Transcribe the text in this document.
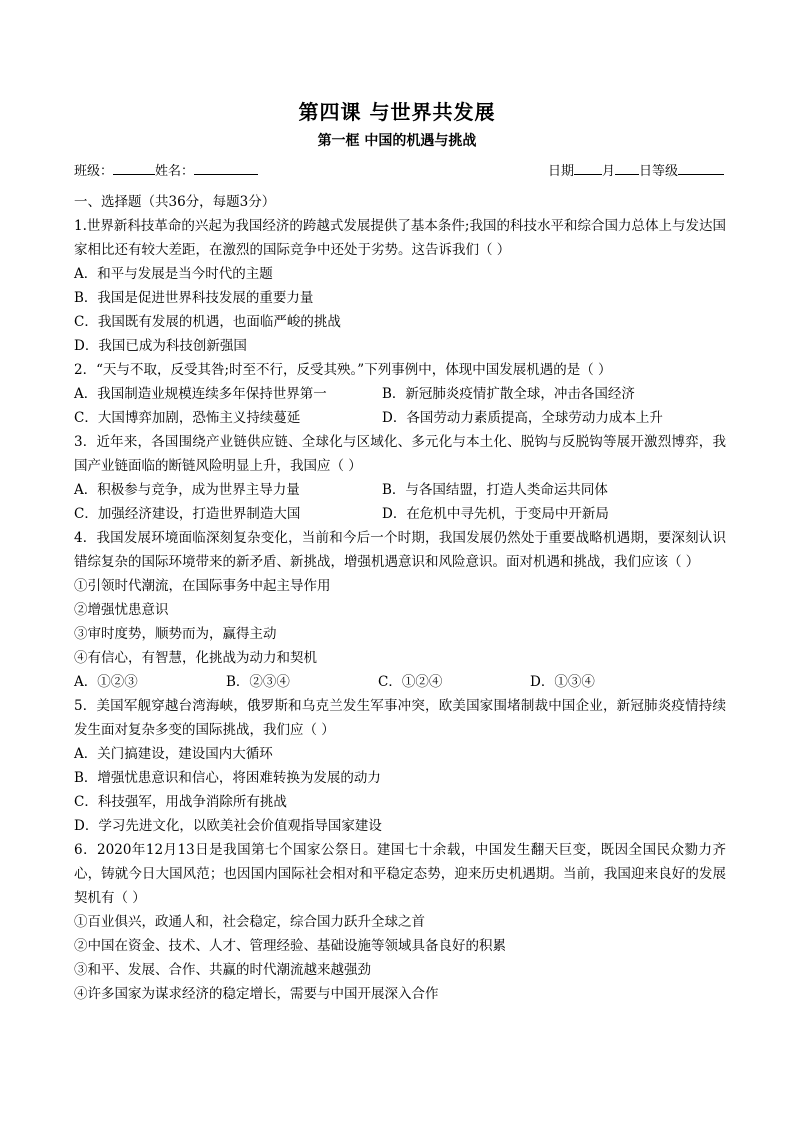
第四课 与世界共发展
第一框 中国的机遇与挑战
班级：	姓名：	日期 月 日等级
一、选择题（共36分，每题3分）
1.世界新科技革命的兴起为我国经济的跨越式发展提供了基本条件;我国的科技水平和综合国力总体上与发达国家相比还有较大差距，在激烈的国际竞争中还处于劣势。这告诉我们（ ）
A．和平与发展是当今时代的主题
B．我国是促进世界科技发展的重要力量
C．我国既有发展的机遇，也面临严峻的挑战
D．我国已成为科技创新强国
2．“天与不取，反受其咎;时至不行，反受其殃。”下列事例中，体现中国发展机遇的是（ ）
A．我国制造业规模连续多年保持世界第一	B．新冠肺炎疫情扩散全球，冲击各国经济
C．大国博弈加剧，恐怖主义持续蔓延	D．各国劳动力素质提高，全球劳动力成本上升
3．近年来，各国围绕产业链供应链、全球化与区域化、多元化与本土化、脱钩与反脱钩等展开激烈博弈，我国产业链面临的断链风险明显上升，我国应（ ）
A．积极参与竞争，成为世界主导力量	B．与各国结盟，打造人类命运共同体
C．加强经济建设，打造世界制造大国	D．在危机中寻先机，于变局中开新局
4．我国发展环境面临深刻复杂变化，当前和今后一个时期，我国发展仍然处于重要战略机遇期，要深刻认识错综复杂的国际环境带来的新矛盾、新挑战，增强机遇意识和风险意识。面对机遇和挑战，我们应该（ ）
①引领时代潮流，在国际事务中起主导作用
②增强忧患意识
③审时度势，顺势而为，赢得主动
④有信心，有智慧，化挑战为动力和契机
A．①②③	B．②③④	C．①②④	D．①③④
5．美国军舰穿越台湾海峡，俄罗斯和乌克兰发生军事冲突，欧美国家围堵制裁中国企业，新冠肺炎疫情持续发生面对复杂多变的国际挑战，我们应（ ）
A．关门搞建设，建设国内大循环
B．增强忧患意识和信心，将困难转换为发展的动力
C．科技强军，用战争消除所有挑战
D．学习先进文化，以欧美社会价值观指导国家建设
6．2020年12月13日是我国第七个国家公祭日。建国七十余载，中国发生翻天巨变，既因全国民众勠力齐心，铸就今日大国风范；也因国内国际社会相对和平稳定态势，迎来历史机遇期。当前，我国迎来良好的发展契机有（ ）
①百业俱兴，政通人和，社会稳定，综合国力跃升全球之首
②中国在资金、技术、人才、管理经验、基础设施等领域具备良好的积累
③和平、发展、合作、共赢的时代潮流越来越强劲
④许多国家为谋求经济的稳定增长，需要与中国开展深入合作
